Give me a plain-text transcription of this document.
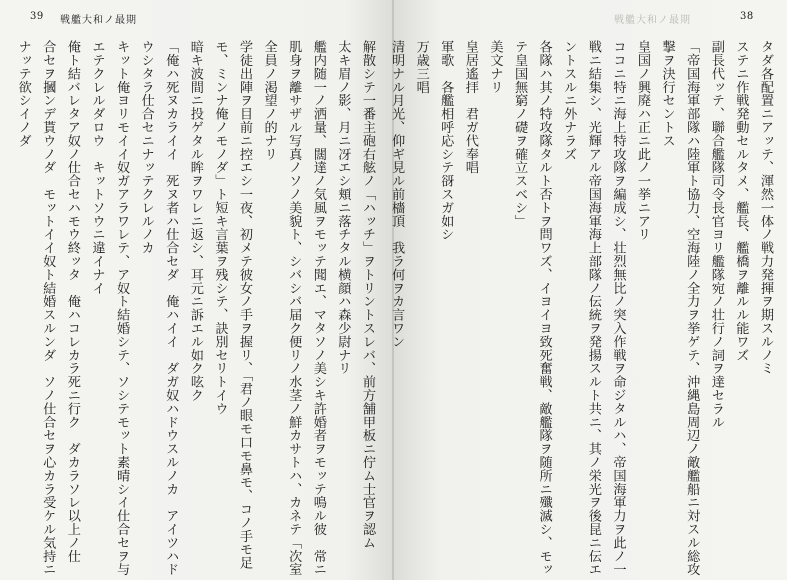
39 戦艦大和ノ最期
解散シテ一番主砲右舷ノ「ハッチ」ヲトリントスレバ、前方舗甲板ニ佇ム士官ヲ認ム
太キ眉ノ影、月ニ冴エシ頬ニ落チタル横顔ハ森少尉ナリ
艦内随一ノ洒量、闊達ノ気風ヲモッテ聞エ、マタソノ美シキ許婚者ヲモッテ鳴ル彼　常ニ
肌身ヲ離サザル写真ノソノ美貌ト、シバシバ届ク便リノ水茎ノ鮮カサトハ、カネテ「次室
全員ノ渇望ノ的ナリ
学徒出陣ヲ目前ニ控エシ一夜、初メテ彼女ノ手ヲ握リ、「君ノ眼モ口モ鼻モ、コノ手モ足
モ、ミンナ俺ノモノダ」ト短キ言葉ヲ残シテ、訣別セリトイウ
暗キ波間ニ投ゲタル眸ヲワレニ返シ、耳元ニ訴エル如ク呟ク
「俺ハ死ヌカライイ　死ヌ者ハ仕合セダ　俺ハイイ　ダガ奴ハドウスルノカ　アイツハド
ウシタラ仕合セニナッテクレルノカ
キット俺ヨリモイイ奴ガアラワレテ、ア奴ト結婚シテ、ソシテモット素晴シイ仕合セヲ与
エテクレルダロウ　キットソウニ違イナイ
俺ト結バレタア奴ノ仕合セハモウ終ッタ　俺ハコレカラ死ニ行ク　ダカラソレ以上ノ仕
合セヲ摑ンデ貰ウノダ　モットイイ奴ト結婚スルンダ　ソノ仕合セヲ心カラ受ケル気持ニ
ナッテ欲シイノダ
戦艦大和ノ最期	38
タダ各配置ニアッテ、渾然一体ノ戦力発揮ヲ期スルノミ
ステニ作戦発動セルタメ、艦長、艦橋ヲ離ルル能ワズ
副長代ッテ、聯合艦隊司令長官ヨリ艦隊宛ノ壮行ノ詞ヲ達セラル
「帝国海軍部隊ハ陸軍ト協力、空海陸ノ全力ヲ挙ゲテ、沖縄島周辺ノ敵艦船ニ対スル総攻
撃ヲ決行セントス
皇国ノ興廃ハ正ニ此ノ一挙ニアリ
ココニ特ニ海上特攻隊ヲ編成シ、壮烈無比ノ突入作戦ヲ命ジタルハ、帝国海軍力ヲ此ノ一
戦ニ結集シ、光輝アル帝国海軍海上部隊ノ伝統ヲ発揚スルト共ニ、其ノ栄光ヲ後昆ニ伝エ
ントスルニ外ナラズ
各隊ハ其ノ特攻隊タルト否トヲ問ワズ、イヨイヨ致死奮戦、敵艦隊ヲ随所ニ殲滅シ、モッ
テ皇国無窮ノ礎ヲ確立スベシ」
美文ナリ
皇居遙拝　君ガ代奉唱
軍歌　各艦相呼応シテ谺スガ如シ
万歳三唱
清明ナル月光、仰ギ見ル前檣頂　我ラ何ヲカ言ワン
